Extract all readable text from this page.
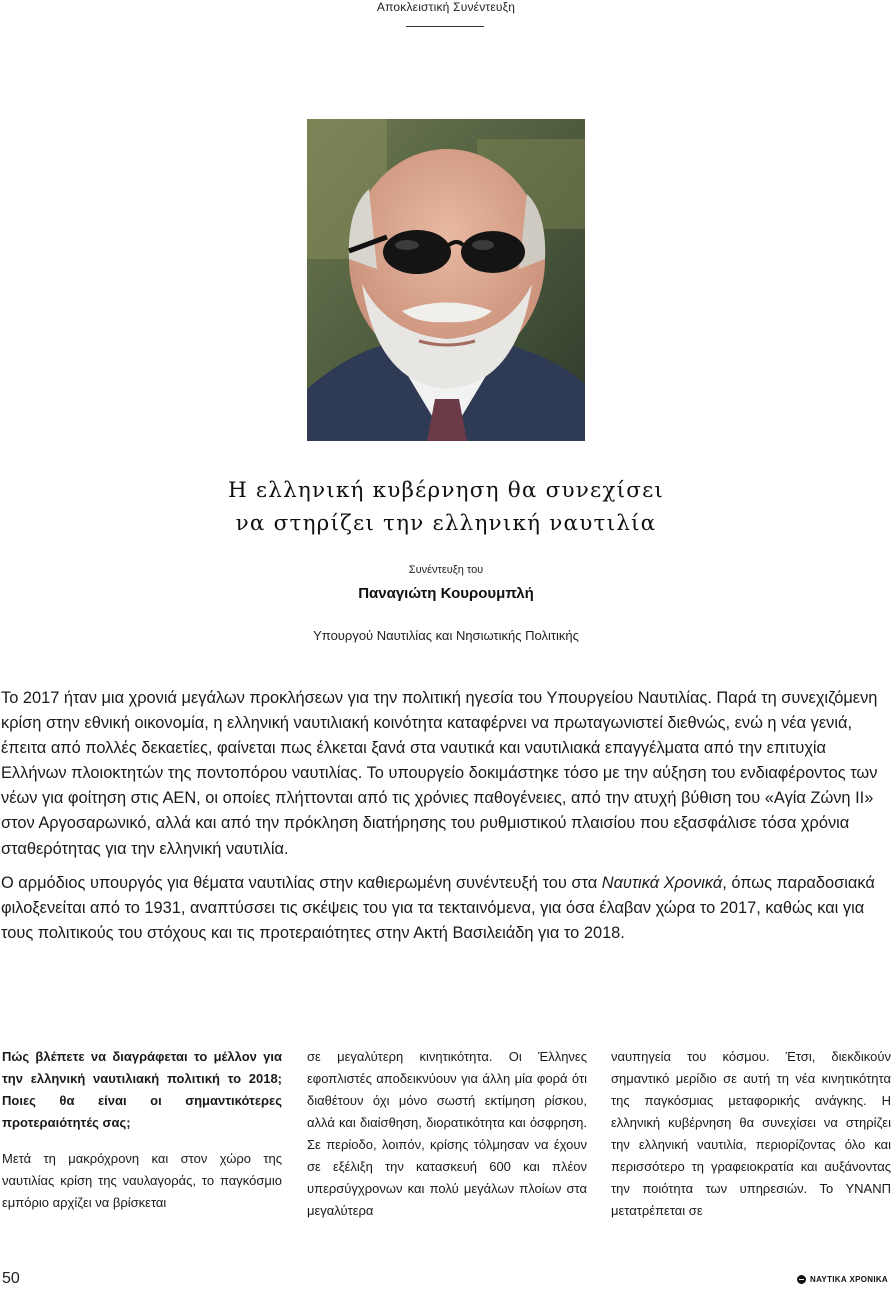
Αποκλειστική Συνέντευξη
Η ελληνική κυβέρνηση θα συνεχίσει
να στηρίζει την ελληνική ναυτιλία
Συνέντευξη του
Παναγιώτη Κουρουμπλή
Υπουργού Ναυτιλίας και Νησιωτικής Πολιτικής

Το 2017 ήταν μια χρονιά μεγάλων προκλήσεων για την πολιτική ηγεσία του Υπουργείου Ναυτιλίας. Παρά τη συνεχιζόμενη κρίση στην εθνική οικονομία, η ελληνική ναυτιλιακή κοινότητα καταφέρνει να πρωταγωνιστεί διεθνώς, ενώ η νέα γενιά, έπειτα από πολλές δεκαετίες, φαίνεται πως έλκεται ξανά στα ναυτικά και ναυτιλιακά επαγγέλματα από την επιτυχία Ελλήνων πλοιοκτητών της ποντοπόρου ναυτιλίας. Το υπουργείο δοκιμάστηκε τόσο με την αύξηση του ενδιαφέροντος των νέων για φοίτηση στις ΑΕΝ, οι οποίες πλήττονται από τις χρόνιες παθογένειες, από την ατυχή βύθιση του «Αγία Ζώνη ΙΙ» στον Αργοσαρωνικό, αλλά και από την πρόκληση διατήρησης του ρυθμιστικού πλαισίου που εξασφάλισε τόσα χρόνια σταθερότητας για την ελληνική ναυτιλία.

Ο αρμόδιος υπουργός για θέματα ναυτιλίας στην καθιερωμένη συνέντευξή του στα Ναυτικά Χρονικά, όπως παραδοσιακά φιλοξενείται από το 1931, αναπτύσσει τις σκέψεις του για τα τεκταινόμενα, για όσα έλαβαν χώρα το 2017, καθώς και για τους πολιτικούς του στόχους και τις προτεραιότητες στην Ακτή Βασιλειάδη για το 2018.

Πώς βλέπετε να διαγράφεται το μέλλον για την ελληνική ναυτιλιακή πολιτική το 2018; Ποιες θα είναι οι σημαντικότερες προτεραιότητές σας;

Μετά τη μακρόχρονη και στον χώρο της ναυτιλίας κρίση της ναυλαγοράς, το παγκόσμιο εμπόριο αρχίζει να βρίσκεται

σε μεγαλύτερη κινητικότητα. Οι Έλληνες εφοπλιστές αποδεικνύουν για άλλη μία φορά ότι διαθέτουν όχι μόνο σωστή εκτίμηση ρίσκου, αλλά και διαίσθηση, διορατικότητα και όσφρηση. Σε περίοδο, λοιπόν, κρίσης τόλμησαν να έχουν σε εξέλιξη την κατασκευή 600 και πλέον υπερσύγχρονων και πολύ μεγάλων πλοίων στα μεγαλύτερα

ναυπηγεία του κόσμου. Έτσι, διεκδικούν σημαντικό μερίδιο σε αυτή τη νέα κινητικότητα της παγκόσμιας μεταφορικής ανάγκης. Η ελληνική κυβέρνηση θα συνεχίσει να στηρίζει την ελληνική ναυτιλία, περιορίζοντας όλο και περισσότερο τη γραφειοκρατία και αυξάνοντας την ποιότητα των υπηρεσιών. Το ΥΝΑΝΠ μετατρέπεται σε

50	ΝΑΥΤΙΚΑ ΧΡΟΝΙΚΑ
